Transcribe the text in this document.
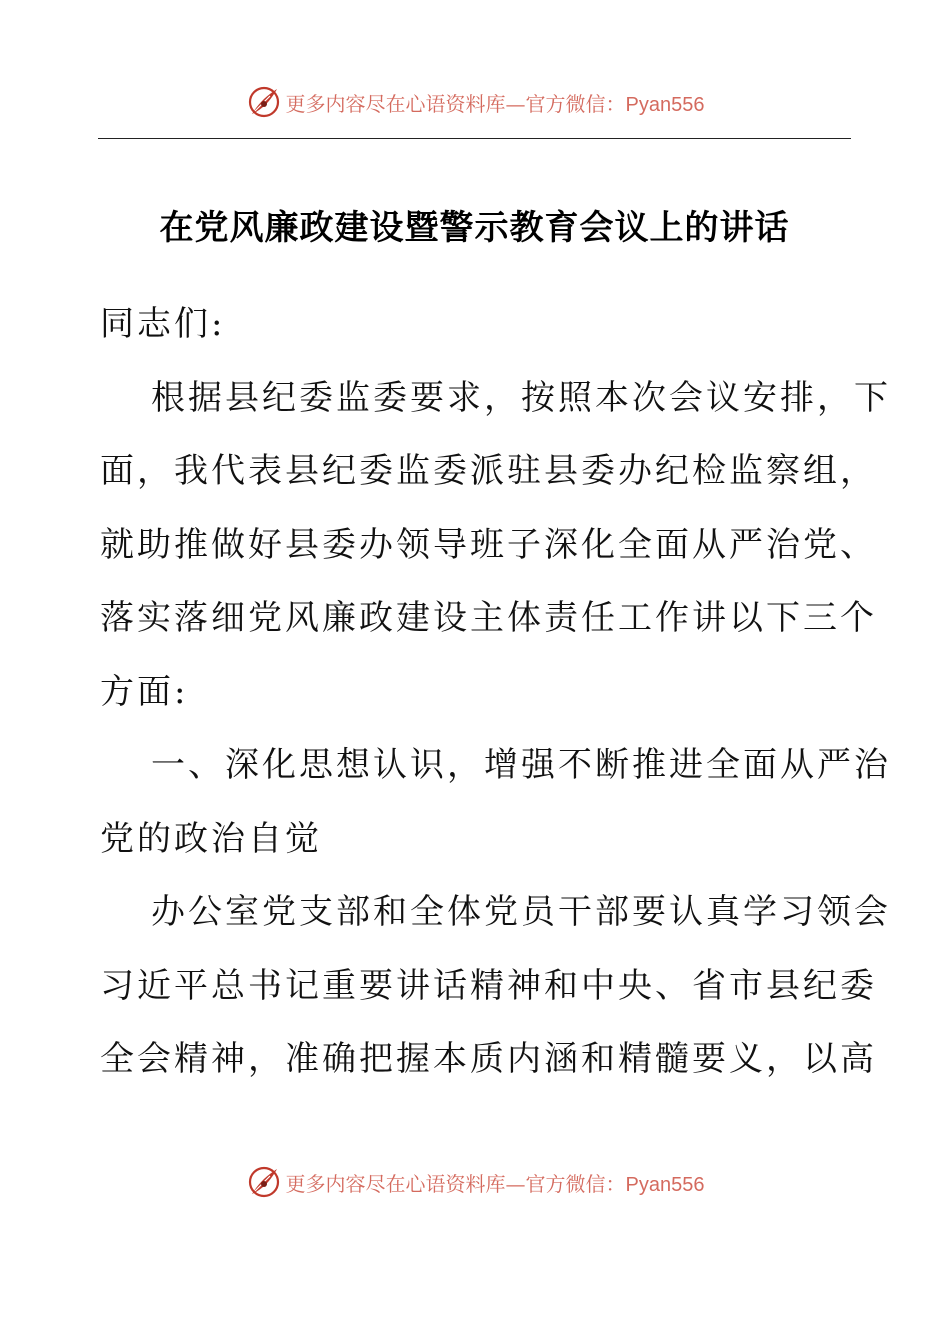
更多内容尽在心语资料库—官方微信：Pyan556
在党风廉政建设暨警示教育会议上的讲话
同志们:
根据县纪委监委要求，按照本次会议安排，下
面，我代表县纪委监委派驻县委办纪检监察组，
就助推做好县委办领导班子深化全面从严治党、
落实落细党风廉政建设主体责任工作讲以下三个
方面:
一、深化思想认识，增强不断推进全面从严治
党的政治自觉
办公室党支部和全体党员干部要认真学习领会
习近平总书记重要讲话精神和中央、省市县纪委
全会精神，准确把握本质内涵和精髓要义，以高
更多内容尽在心语资料库—官方微信：Pyan556
